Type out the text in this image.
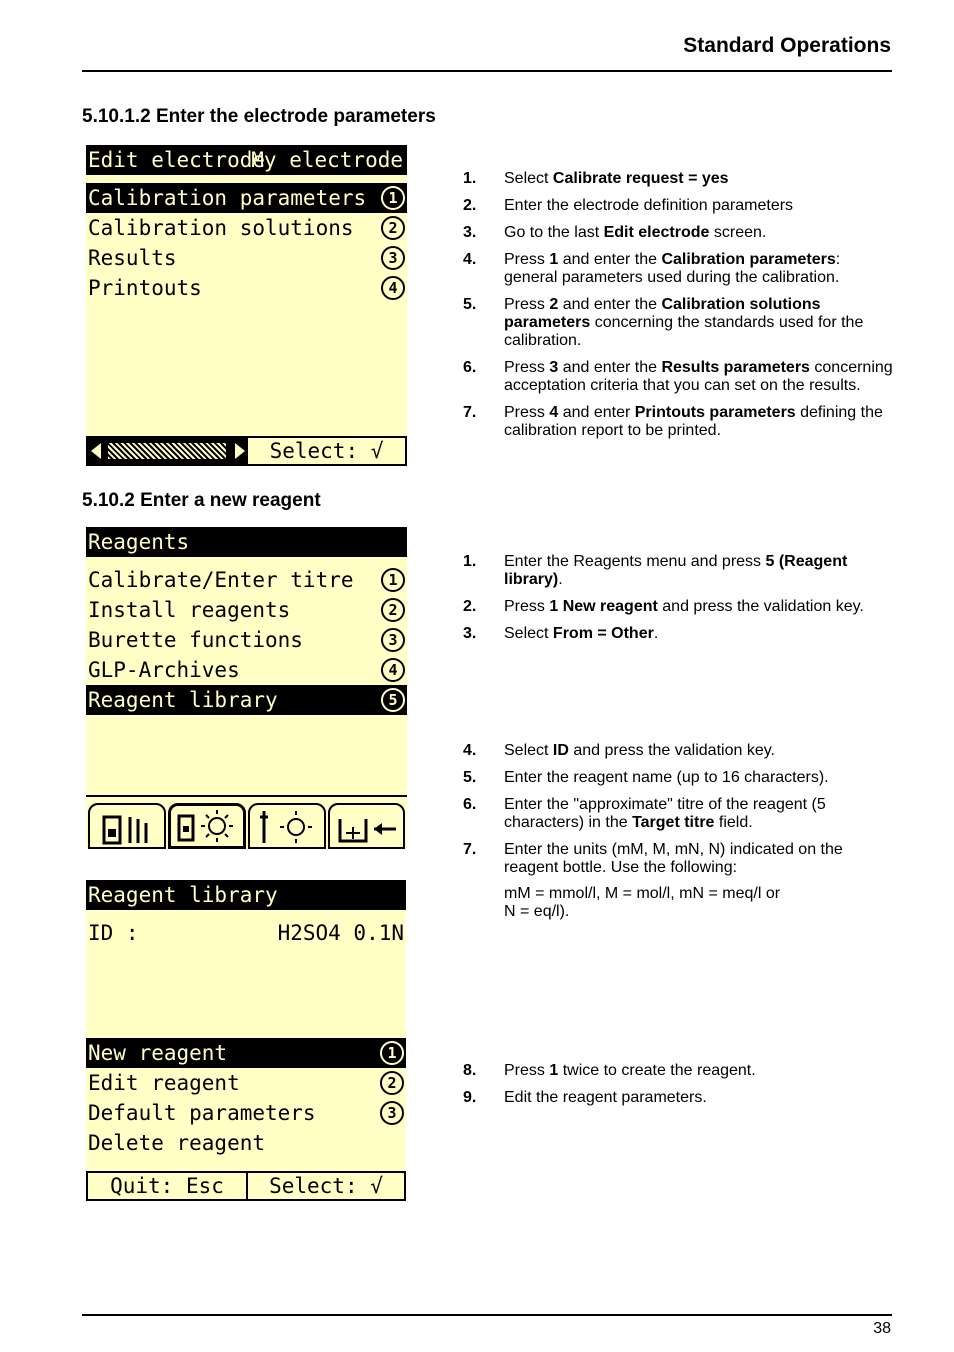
Standard Operations
38
5.10.1.2 Enter the electrode parameters
Edit electrode
My electrode
Calibration parameters	1
Calibration solutions	2
Results	3
Printouts	4
Select: √
1. Select Calibrate request = yes
2. Enter the electrode definition parameters
3. Go to the last Edit electrode screen.
4. Press 1 and enter the Calibration parameters: general parameters used during the calibration.
5. Press 2 and enter the Calibration solutions parameters concerning the standards used for the calibration.
6. Press 3 and enter the Results parameters concerning acceptation criteria that you can set on the results.
7. Press 4 and enter Printouts parameters defining the calibration report to be printed.
5.10.2 Enter a new reagent
Reagents
Calibrate/Enter titre	1
Install reagents	2
Burette functions	3
GLP-Archives	4
Reagent library	5
1. Enter the Reagents menu and press 5 (Reagent library).
2. Press 1 New reagent and press the validation key.
3. Select From = Other.
Reagent library
ID :	H2SO4 0.1N
New reagent	1
Edit reagent	2
Default parameters	3
Delete reagent
Quit: Esc	Select: √
4. Select ID and press the validation key.
5. Enter the reagent name (up to 16 characters).
6. Enter the "approximate" titre of the reagent (5 characters) in the Target titre field.
7. Enter the units (mM, M, mN, N) indicated on the reagent bottle. Use the following:
mM = mmol/l, M = mol/l, mN = meq/l or
N = eq/l).
8. Press 1 twice to create the reagent.
9. Edit the reagent parameters.
